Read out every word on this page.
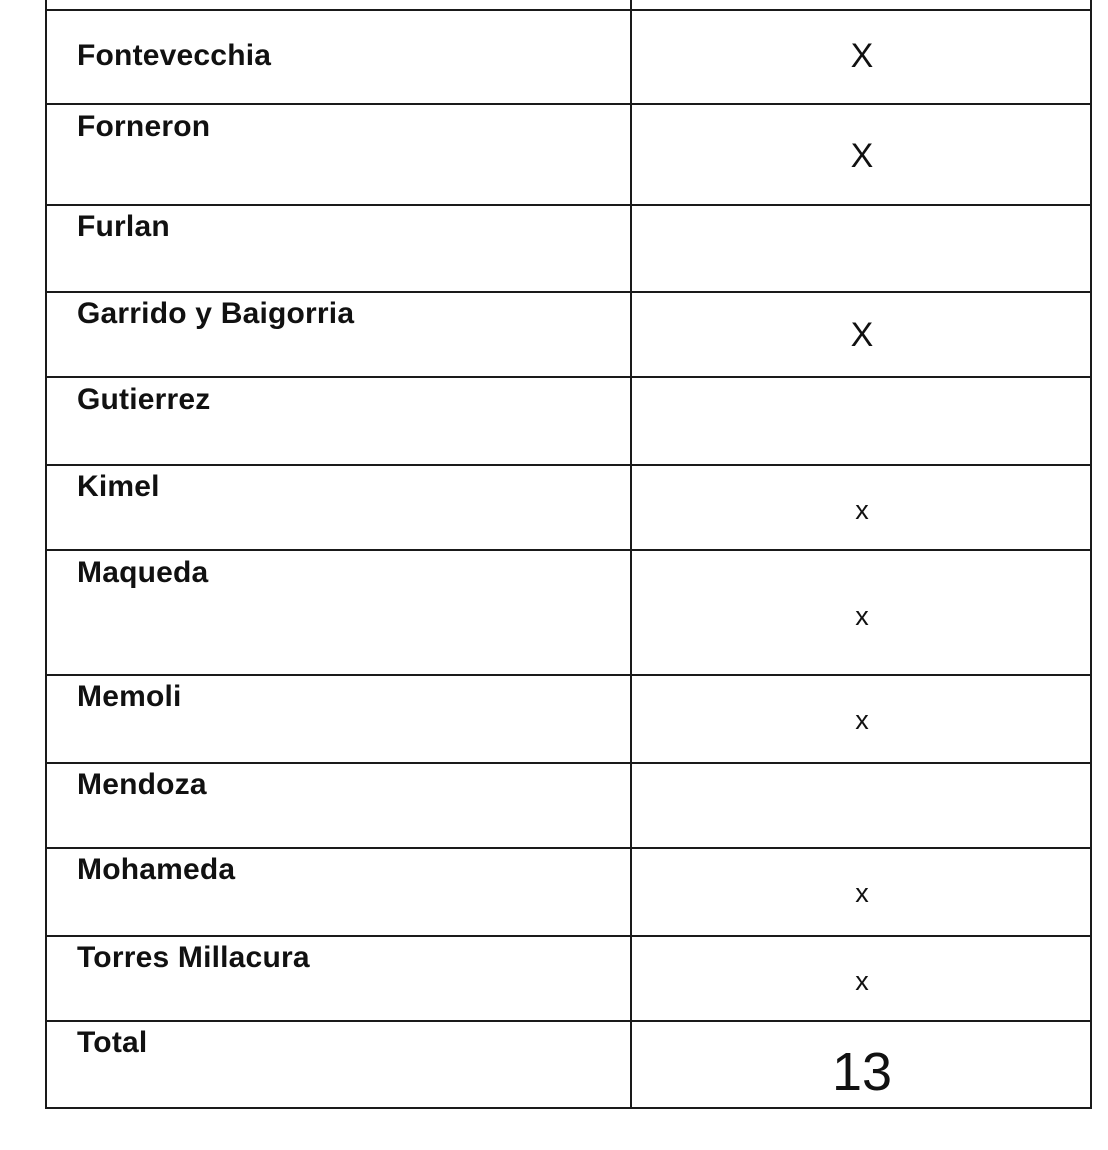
Fontevecchia	X
Forneron
X
Furlan
Garrido y Baigorria
X
Gutierrez
Kimel
x
Maqueda
x
Memoli
x
Mendoza
Mohameda
x
Torres Millacura
x
Total	13
